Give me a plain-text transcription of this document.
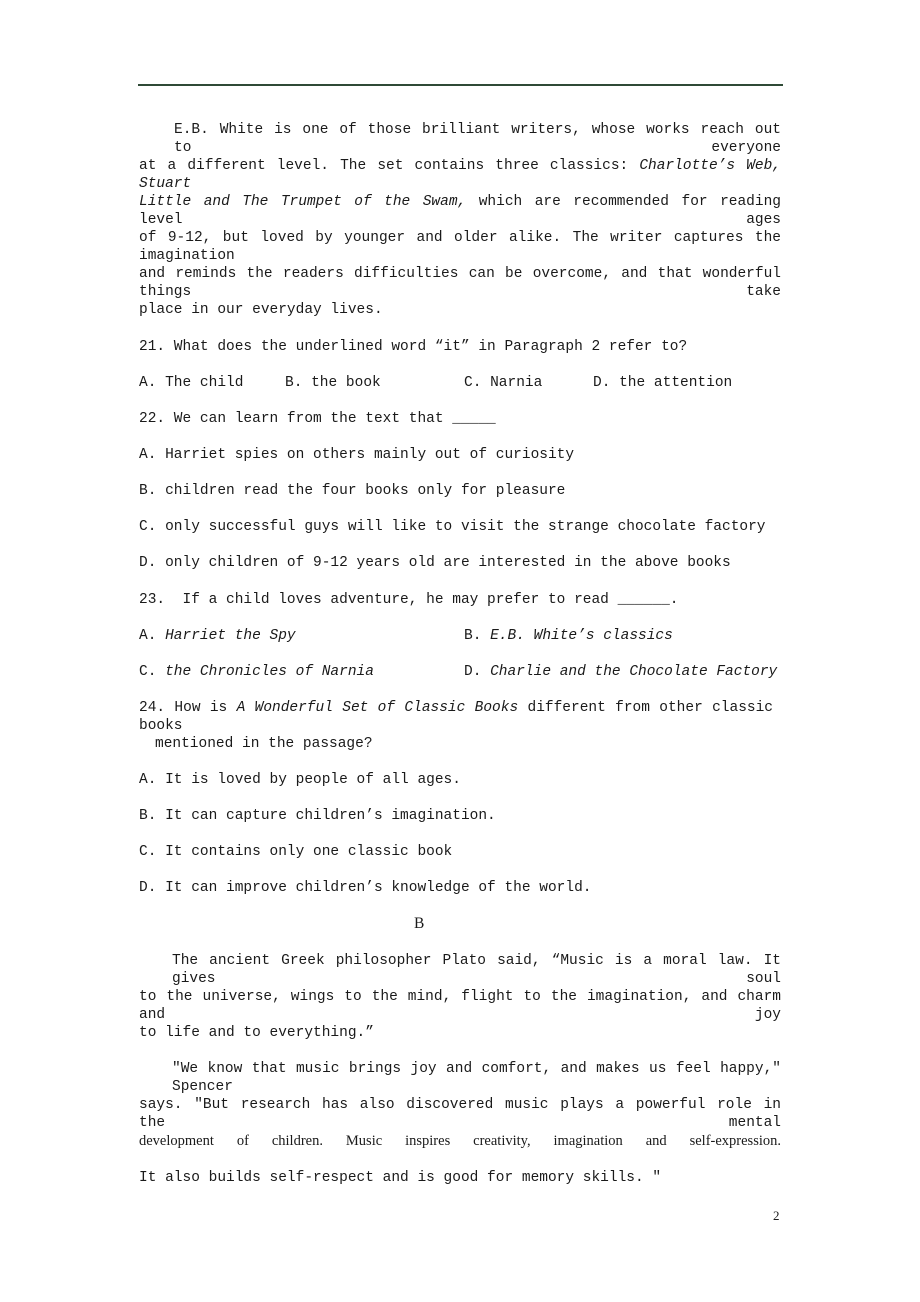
E.B. White is one of those brilliant writers, whose works reach out to everyone
at a different level. The set contains three classics: Charlotte’s Web, Stuart
Little and The Trumpet of the Swam, which are recommended for reading level ages
of 9-12, but loved by younger and older alike. The writer captures the imagination
and reminds the readers difficulties can be overcome, and that wonderful things take
place in our everyday lives.
21. What does the underlined word “it” in Paragraph 2 refer to?
A. The child	B. the book	C. Narnia	D. the attention
22. We can learn from the text that _____
A. Harriet spies on others mainly out of curiosity
B. children read the four books only for pleasure
C. only successful guys will like to visit the strange chocolate factory
D. only children of 9-12 years old are interested in the above books
23.  If a child loves adventure, he may prefer to read ______.
A. Harriet the Spy	B. E.B. White’s classics
C. the Chronicles of Narnia	D. Charlie and the Chocolate Factory
24. How is A Wonderful Set of Classic Books different from other classic books
mentioned in the passage?
A. It is loved by people of all ages.
B. It can capture children’s imagination.
C. It contains only one classic book
D. It can improve children’s knowledge of the world.
B
The ancient Greek philosopher Plato said, “Music is a moral law. It gives soul
to the universe, wings to the mind, flight to the imagination, and charm and joy
to life and to everything.”
"We know that music brings joy and comfort, and makes us feel happy," Spencer
says. "But research has also discovered music plays a powerful role in the mental
development of children. Music inspires creativity, imagination and self-expression.
It also builds self-respect and is good for memory skills. "
2
